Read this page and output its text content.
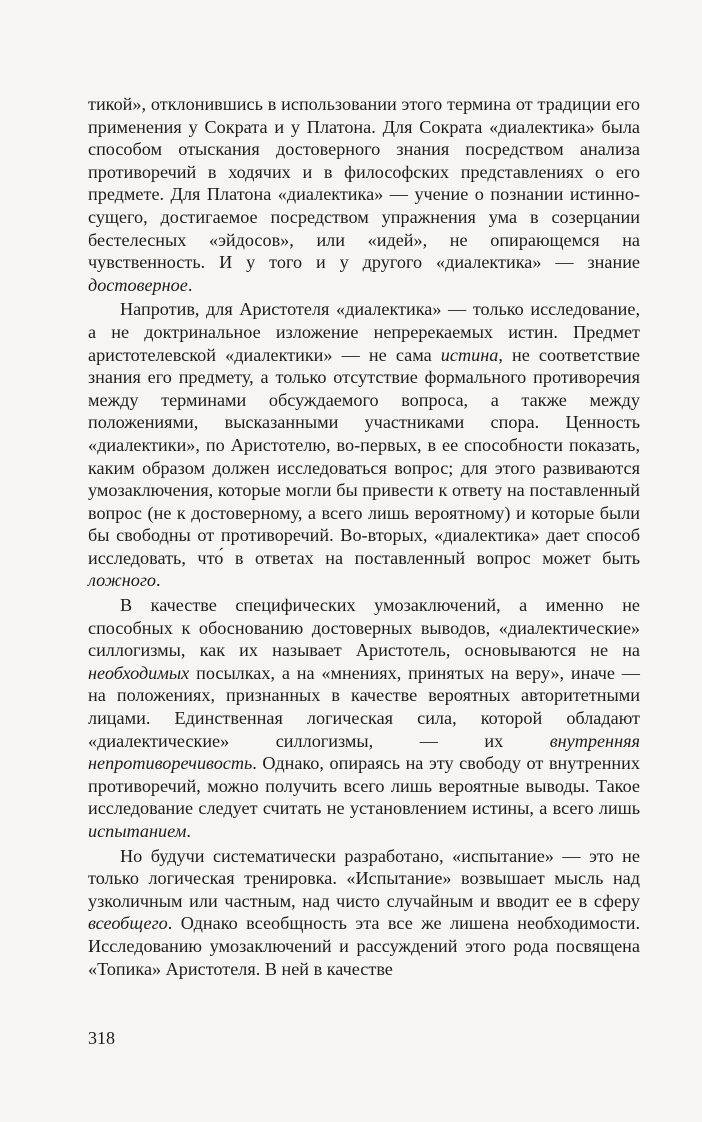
тикой», отклонившись в использовании этого термина от традиции его применения у Сократа и у Платона. Для Сократа «диалектика» была способом отыскания достоверного знания посредством анализа противоречий в ходячих и в философских представлениях о его предмете. Для Платона «диалектика» — учение о познании истинно-сущего, достигаемое посредством упражнения ума в созерцании бестелесных «эйдосов», или «идей», не опирающемся на чувственность. И у того и у другого «диалектика» — знание достоверное.

Напротив, для Аристотеля «диалектика» — только исследование, а не доктринальное изложение непререкаемых истин. Предмет аристотелевской «диалектики» — не сама истина, не соответствие знания его предмету, а только отсутствие формального противоречия между терминами обсуждаемого вопроса, а также между положениями, высказанными участниками спора. Ценность «диалектики», по Аристотелю, во-первых, в ее способности показать, каким образом должен исследоваться вопрос; для этого развиваются умозаключения, которые могли бы привести к ответу на поставленный вопрос (не к достоверному, а всего лишь вероятному) и которые были бы свободны от противоречий. Во-вторых, «диалектика» дает способ исследовать, что́ в ответах на поставленный вопрос может быть ложного.

В качестве специфических умозаключений, а именно не способных к обоснованию достоверных выводов, «диалектические» силлогизмы, как их называет Аристотель, основываются не на необходимых посылках, а на «мнениях, принятых на веру», иначе — на положениях, признанных в качестве вероятных авторитетными лицами. Единственная логическая сила, которой обладают «диалектические» силлогизмы, — их внутренняя непротиворечивость. Однако, опираясь на эту свободу от внутренних противоречий, можно получить всего лишь вероятные выводы. Такое исследование следует считать не установлением истины, а всего лишь испытанием.

Но будучи систематически разработано, «испытание» — это не только логическая тренировка. «Испытание» возвышает мысль над узколичным или частным, над чисто случайным и вводит ее в сферу всеобщего. Однако всеобщность эта все же лишена необходимости. Исследованию умозаключений и рассуждений этого рода посвящена «Топика» Аристотеля. В ней в качестве

318
